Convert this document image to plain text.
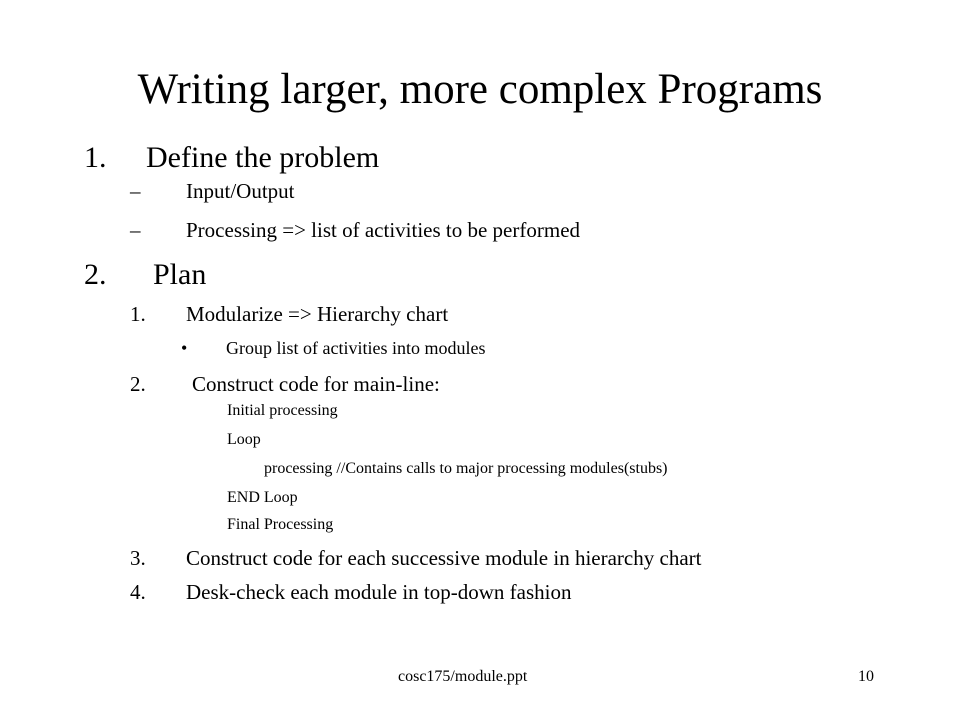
Writing larger, more complex Programs
1. Define the problem
– Input/Output
– Processing => list of activities to be performed
2. Plan
1. Modularize => Hierarchy chart
• Group list of activities into modules
2. Construct code for main-line:
Initial processing
Loop
processing //Contains calls to major processing modules(stubs)
END Loop
Final Processing
3. Construct code for each successive module in hierarchy chart
4. Desk-check each module in top-down fashion
cosc175/module.ppt	10
